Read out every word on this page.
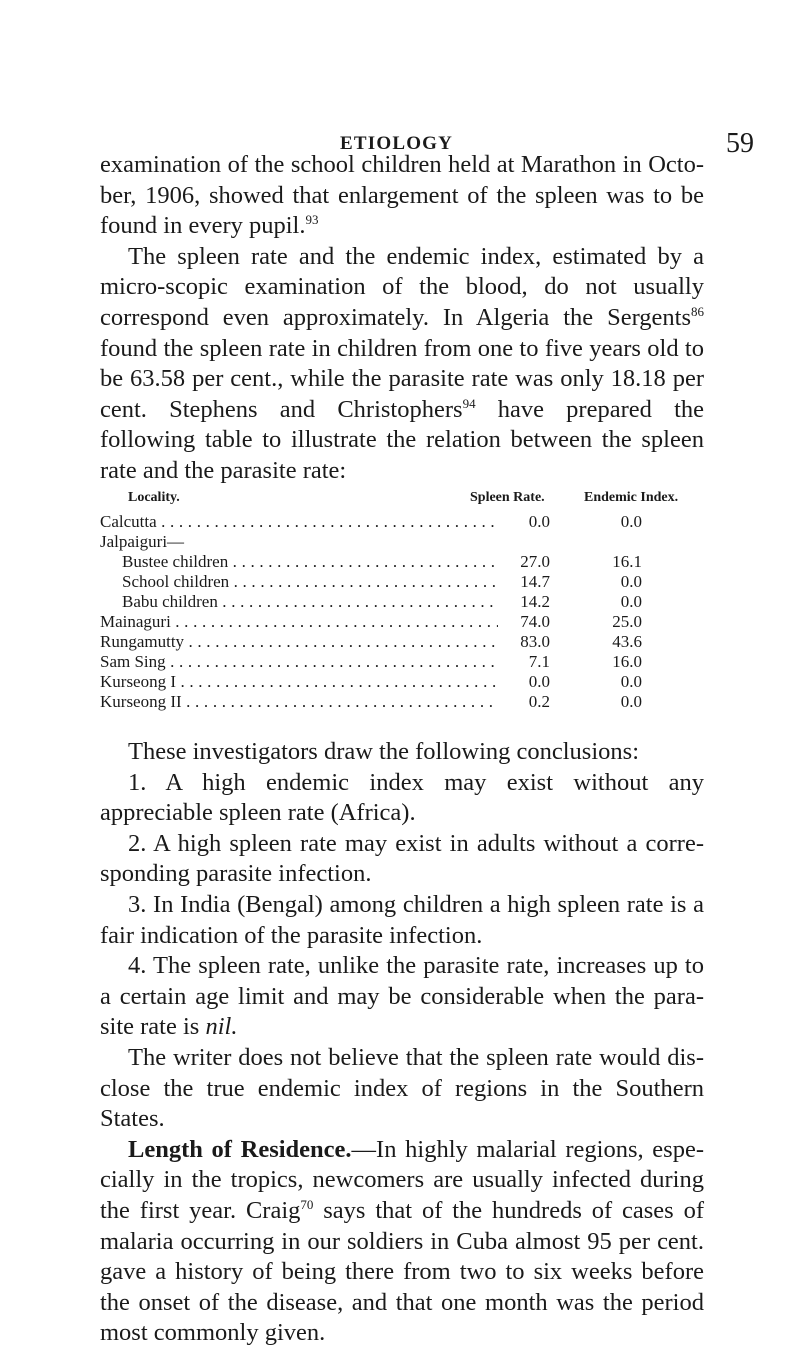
ETIOLOGY	59

examination of the school children held at Marathon in Octo-ber, 1906, showed that enlargement of the spleen was to be found in every pupil.$^{93}$

The spleen rate and the endemic index, estimated by a micro-scopic examination of the blood, do not usually correspond even approximately. In Algeria the Sergents$^{86}$ found the spleen rate in children from one to five years old to be 63.58 per cent., while the parasite rate was only 18.18 per cent. Stephens and Christophers$^{94}$ have prepared the following table to illustrate the relation between the spleen rate and the parasite rate:

Locality.	Spleen Rate.	Endemic Index.
Calcutta . . .	0.0	0.0
Jalpaiguri—
Bustee children . . .	27.0	16.1
School children . . .	14.7	0.0
Babu children . . .	14.2	0.0
Mainaguri . . .	74.0	25.0
Rungamutty . . .	83.0	43.6
Sam Sing . . .	7.1	16.0
Kurseong I . . .	0.0	0.0
Kurseong II . . .	0.2	0.0

These investigators draw the following conclusions:

1. A high endemic index may exist without any appreciable spleen rate (Africa).

2. A high spleen rate may exist in adults without a corre-sponding parasite infection.

3. In India (Bengal) among children a high spleen rate is a fair indication of the parasite infection.

4. The spleen rate, unlike the parasite rate, increases up to a certain age limit and may be considerable when the para-site rate is nil.

The writer does not believe that the spleen rate would dis-close the true endemic index of regions in the Southern States.

Length of Residence.—In highly malarial regions, espe-cially in the tropics, newcomers are usually infected during the first year. Craig$^{70}$ says that of the hundreds of cases of malaria occurring in our soldiers in Cuba almost 95 per cent. gave a history of being there from two to six weeks before the onset of the disease, and that one month was the period most commonly given.
